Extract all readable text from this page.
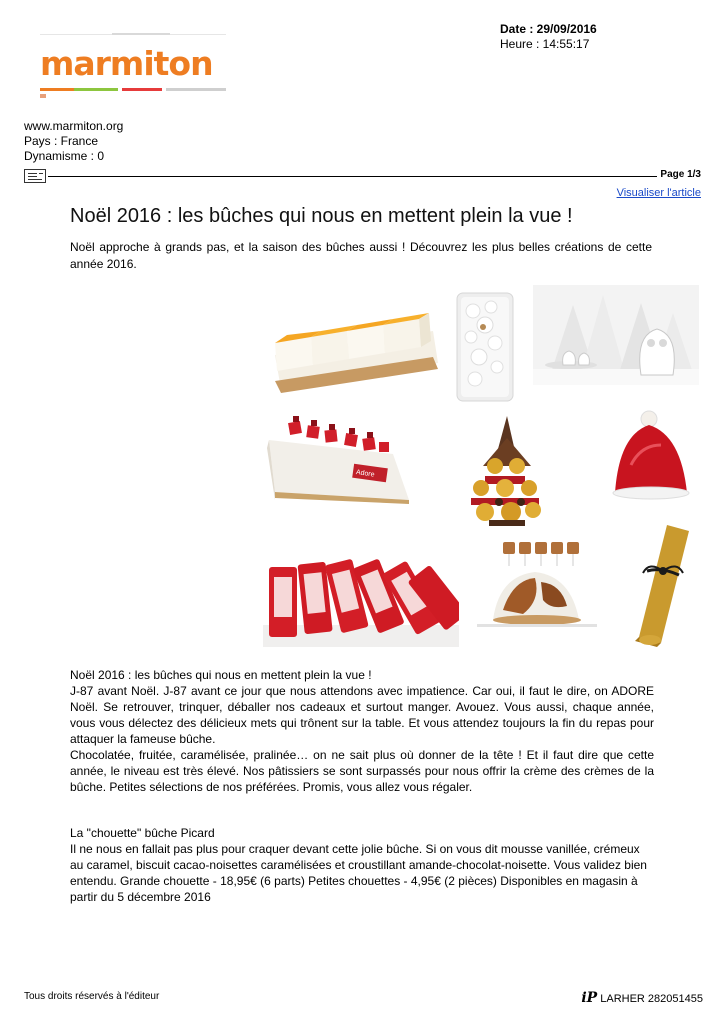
marmiton
Date : 29/09/2016
Heure : 14:55:17
www.marmiton.org
Pays : France
Dynamisme : 0
Page 1/3
Visualiser l'article
Noël 2016 : les bûches qui nous en mettent plein la vue !

Noël approche à grands pas, et la saison des bûches aussi ! Découvrez les plus belles créations de cette année 2016.

Adore

Noël 2016 : les bûches qui nous en mettent plein la vue !

J-87 avant Noël. J-87 avant ce jour que nous attendons avec impatience. Car oui, il faut le dire, on ADORE Noël. Se retrouver, trinquer, déballer nos cadeaux et surtout manger. Avouez. Vous aussi, chaque année, vous vous délectez des délicieux mets qui trônent sur la table. Et vous attendez toujours la fin du repas pour attaquer la fameuse bûche.

Chocolatée, fruitée, caramélisée, pralinée… on ne sait plus où donner de la tête ! Et il faut dire que cette année, le niveau est très élevé. Nos pâtissiers se sont surpassés pour nous offrir la crème des crèmes de la bûche. Petites sélections de nos préférées. Promis, vous allez vous régaler.

La "chouette" bûche Picard

Il ne nous en fallait pas plus pour craquer devant cette jolie bûche. Si on vous dit mousse vanillée, crémeux au caramel, biscuit cacao-noisettes caramélisées et croustillant amande-chocolat-noisette. Vous validez bien entendu. Grande chouette - 18,95€ (6 parts) Petites chouettes - 4,95€ (2 pièces) Disponibles en magasin à partir du 5 décembre 2016

Tous droits réservés à l'éditeur	iP LARHER 282051455
